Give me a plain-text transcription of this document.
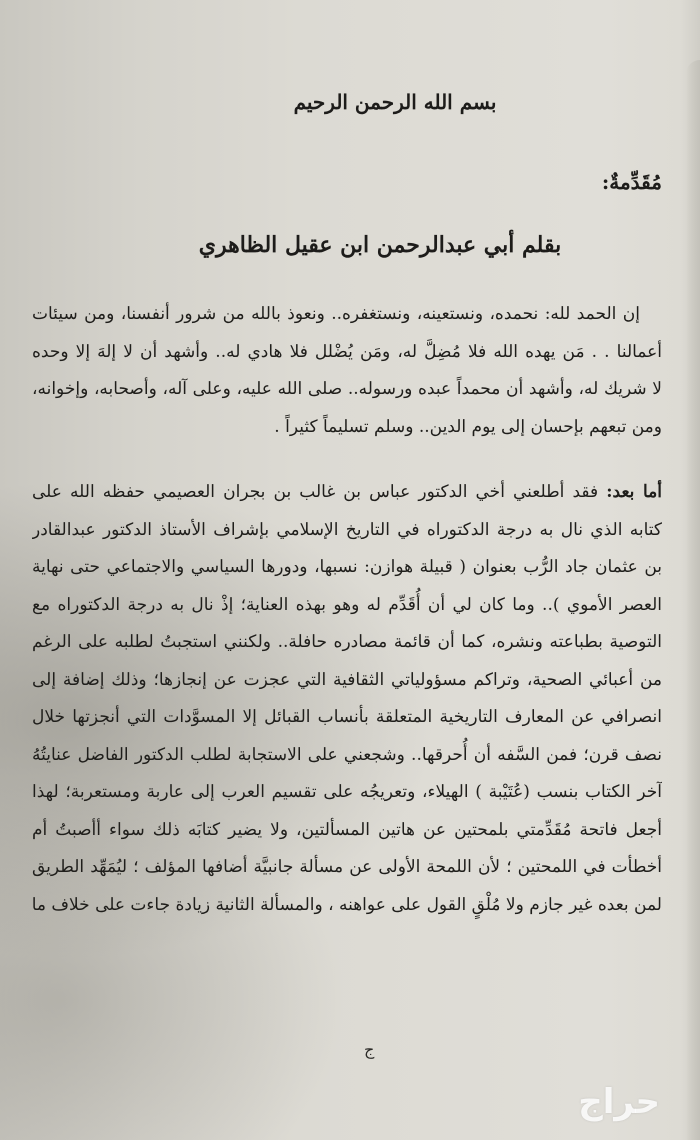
بسم الله الرحمن الرحيم
مُقَدِّمةٌ:
بقلم أبي عبدالرحمن ابن عقيل الظاهري
إن الحمد لله: نحمده، ونستعينه، ونستغفره.. ونعوذ بالله من شرور أنفسنا، ومن سيئات
أعمالنا . . مَن يهده الله فلا مُضِلَّ له، ومَن يُضْلل فلا هادي له.. وأشهد أن لا إلهَ إلا وحده
لا شريك له، وأشهد أن محمداً عبده ورسوله.. صلى الله عليه، وعلى آله، وأصحابه، وإخوانه،
ومن تبعهم بإحسان إلى يوم الدين.. وسلم تسليماً كثيراً .
أما بعد: فقد أطلعني أخي الدكتور عباس بن غالب بن بجران العصيمي حفظه الله على
كتابه الذي نال به درجة الدكتوراه في التاريخ الإسلامي بإشراف الأستاذ الدكتور عبدالقادر
بن عثمان جاد الرُّب بعنوان ( قبيلة هوازن: نسبها، ودورها السياسي والاجتماعي حتى نهاية
العصر الأموي ).. وما كان لي أن أُقَدِّم له وهو بهذه العناية؛ إذْ نال به درجة الدكتوراه مع
التوصية بطباعته ونشره، كما أن قائمة مصادره حافلة.. ولكنني استجبتُ لطلبه على الرغم
من أعبائي الصحية، وتراكم مسؤولياتي الثقافية التي عجزت عن إنجازها؛ وذلك إضافة إلى
انصرافي عن المعارف التاريخية المتعلقة بأنساب القبائل إلا المسوَّدات التي أنجزتها خلال
نصف قرن؛ فمن السَّفه أن أُحرقها.. وشجعني على الاستجابة لطلب الدكتور الفاضل عنايتُهُ
آخر الكتاب بنسب (عُتَيْبة ) الهيلاء، وتعريجُه على تقسيم العرب إلى عاربة ومستعربة؛ لهذا
أجعل فاتحة مُقَدِّمتي بلمحتين عن هاتين المسألتين، ولا يضير كتابَه ذلك سواء أأصبتُ أم
أخطأت في اللمحتين ؛ لأن اللمحة الأولى عن مسألة جانبيَّة أضافها المؤلف ؛ ليُمَهِّد الطريق
لمن بعده غير جازم ولا مُلْقٍ القول على عواهنه ، والمسألة الثانية زيادة جاءت على خلاف ما
ج
حراج
